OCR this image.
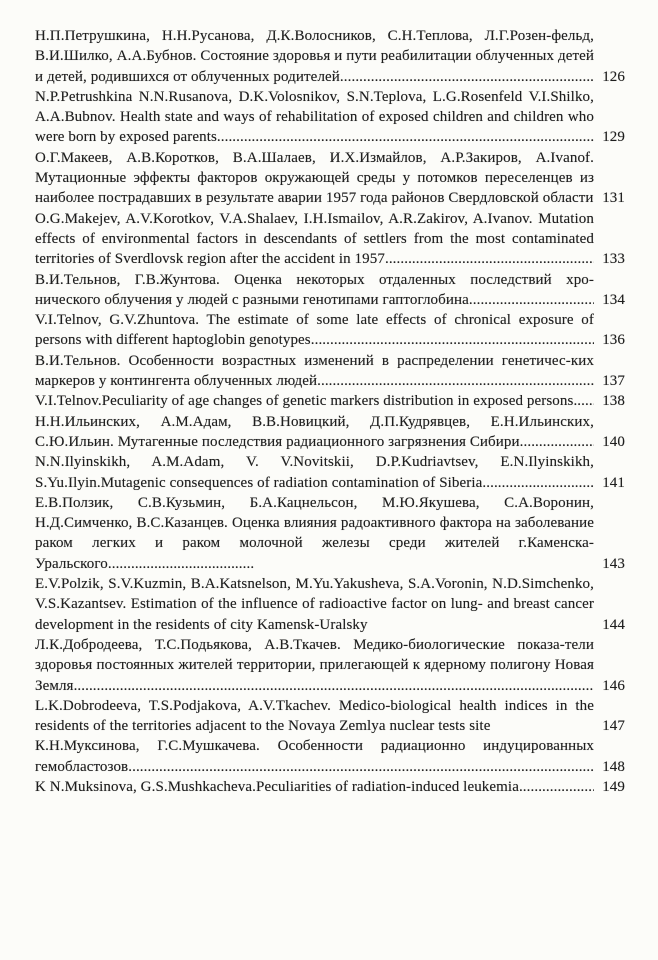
Н.П.Петрушкина, Н.Н.Русанова, Д.К.Волосников, С.Н.Теплова, Л.Г.Розен-фельд, В.И.Шилко, А.А.Бубнов. Состояние здоровья и пути реабилитации облученных детей и детей, родившихся от облученных родителей	126

N.P.Petrushkina N.N.Rusanova, D.K.Volosnikov, S.N.Teplova, L.G.Rosenfeld V.I.Shilko, A.A.Bubnov. Health state and ways of rehabilitation of exposed children and children who were born by exposed parents	129

О.Г.Макеев, А.В.Коротков, В.А.Шалаев, И.Х.Измайлов, А.Р.Закиров, A.Ivanof. Мутационные эффекты факторов окружающей среды у потомков переселенцев из наиболее пострадавших в результате аварии 1957 года районов Свердловской области 131

O.G.Makejev, A.V.Korotkov, V.A.Shalaev, I.H.Ismailov, A.R.Zakirov, A.Ivanov. Mutation effects of environmental factors in descendants of settlers from the most contaminated territories of Sverdlovsk region after the accident in 1957	133

В.И.Тельнов, Г.В.Жунтова. Оценка некоторых отдаленных последствий хро-нического облучения у людей с разными генотипами гаптоглобина	134

V.I.Telnov, G.V.Zhuntova. The estimate of some late effects of chronical exposure of persons with different haptoglobin genotypes	136

В.И.Тельнов. Особенности возрастных изменений в распределении генетичес-ких маркеров у контингента облученных людей	137

V.I.Telnov.Peculiarity of age changes of genetic markers distribution in exposed persons	138

Н.Н.Ильинских, А.М.Адам, В.В.Новицкий, Д.П.Кудрявцев, Е.Н.Ильинских, С.Ю.Ильин. Мутагенные последствия радиационного загрязнения Сибири	140

N.N.Ilyinskikh, A.M.Adam, V. V.Novitskii, D.P.Kudriavtsev, E.N.Ilyinskikh, S.Yu.Ilyin.Mutagenic consequences of radiation contamination of Siberia	141

Е.В.Ползик, С.В.Кузьмин, Б.А.Кацнельсон, М.Ю.Якушева, С.А.Воронин, Н.Д.Симченко, В.С.Казанцев. Оценка влияния радоактивного фактора на заболевание раком легких и раком молочной железы среди жителей г.Каменска-Уральского......................................	143

E.V.Polzik, S.V.Kuzmin, B.A.Katsnelson, M.Yu.Yakusheva, S.A.Voronin, N.D.Simchenko, V.S.Kazantsev. Estimation of the influence of radioactive factor on lung- and breast cancer development in the residents of city Kamensk-Uralsky	144

Л.К.Добродеева, Т.С.Подьякова, А.В.Ткачев. Медико-биологические показа-тели здоровья постоянных жителей территории, прилегающей к ядерному полигону Новая Земля	146

L.K.Dobrodeeva, T.S.Podjakova, A.V.Tkachev. Medico-biological health indices in the residents of the territories adjacent to the Novaya Zemlya nuclear tests site	147

К.Н.Муксинова, Г.С.Мушкачева. Особенности радиационно индуцированных гемобластозов	148

K N.Muksinova, G.S.Mushkacheva.Peculiarities of radiation-induced leukemia	149
